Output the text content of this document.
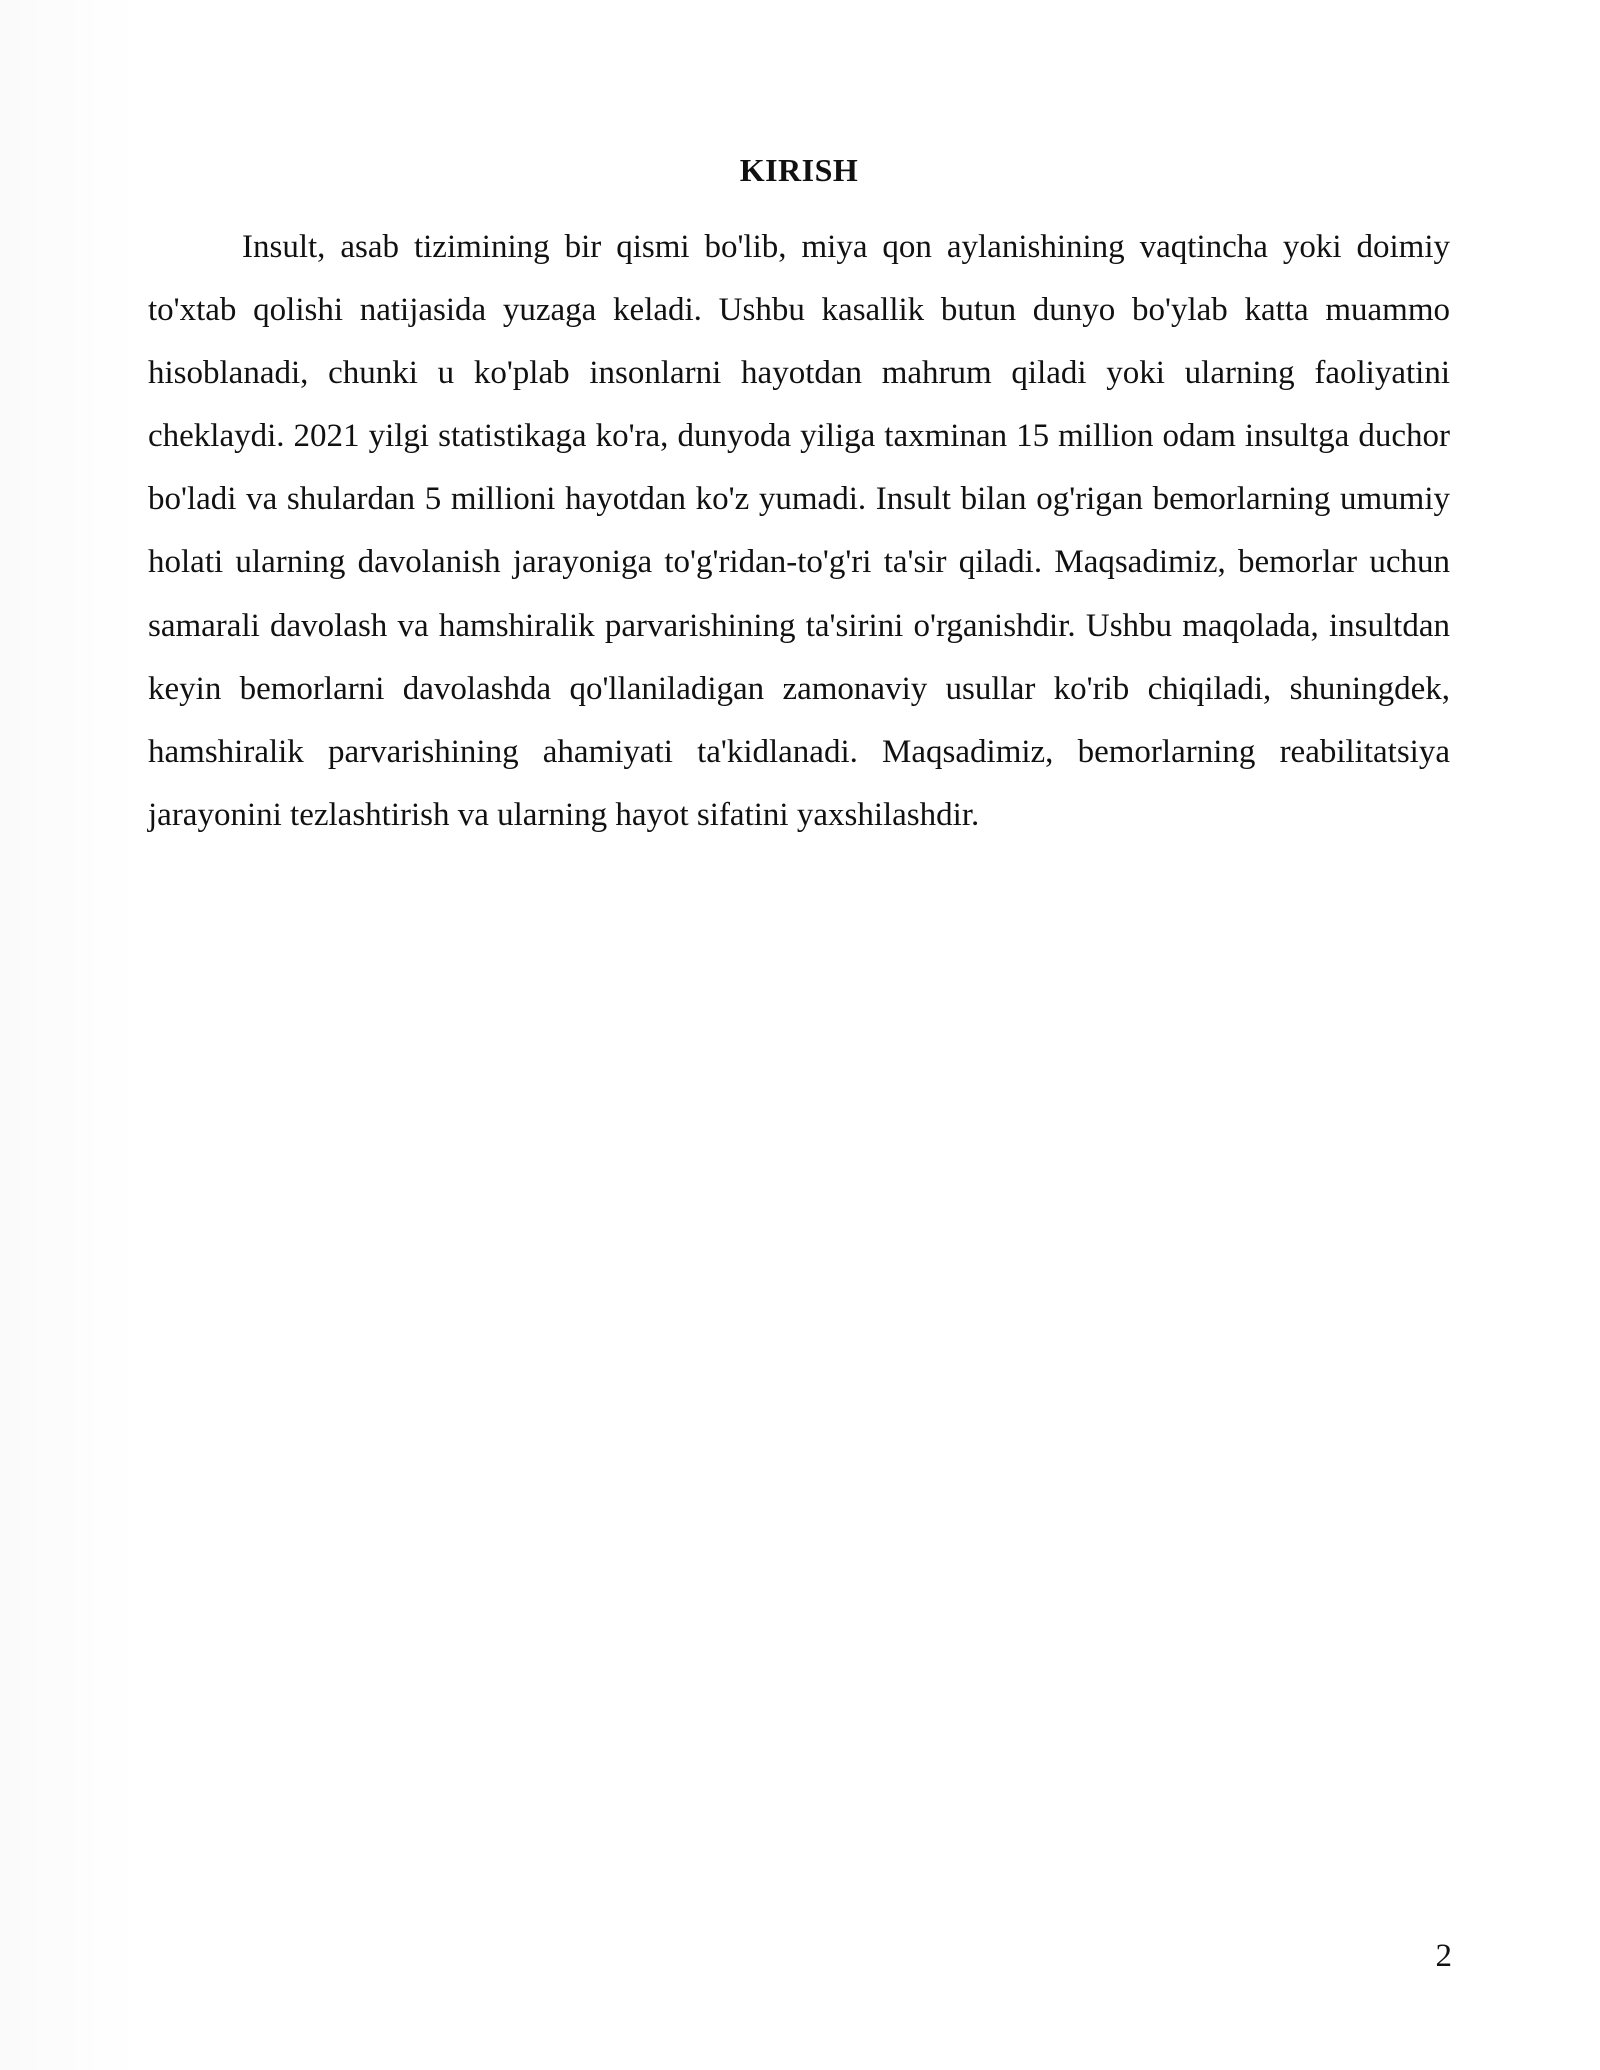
KIRISH

Insult, asab tizimining bir qismi bo'lib, miya qon aylanishining vaqtincha yoki doimiy to'xtab qolishi natijasida yuzaga keladi. Ushbu kasallik butun dunyo bo'ylab katta muammo hisoblanadi, chunki u ko'plab insonlarni hayotdan mahrum qiladi yoki ularning faoliyatini cheklaydi. 2021 yilgi statistikaga ko'ra, dunyoda yiliga taxminan 15 million odam insultga duchor bo'ladi va shulardan 5 millioni hayotdan ko'z yumadi. Insult bilan og'rigan bemorlarning umumiy holati ularning davolanish jarayoniga to'g'ridan-to'g'ri ta'sir qiladi. Maqsadimiz, bemorlar uchun samarali davolash va hamshiralik parvarishining ta'sirini o'rganishdir. Ushbu maqolada, insultdan keyin bemorlarni davolashda qo'llaniladigan zamonaviy usullar ko'rib chiqiladi, shuningdek, hamshiralik parvarishining ahamiyati ta'kidlanadi. Maqsadimiz, bemorlarning reabilitatsiya jarayonini tezlashtirish va ularning hayot sifatini yaxshilashdir.

2
